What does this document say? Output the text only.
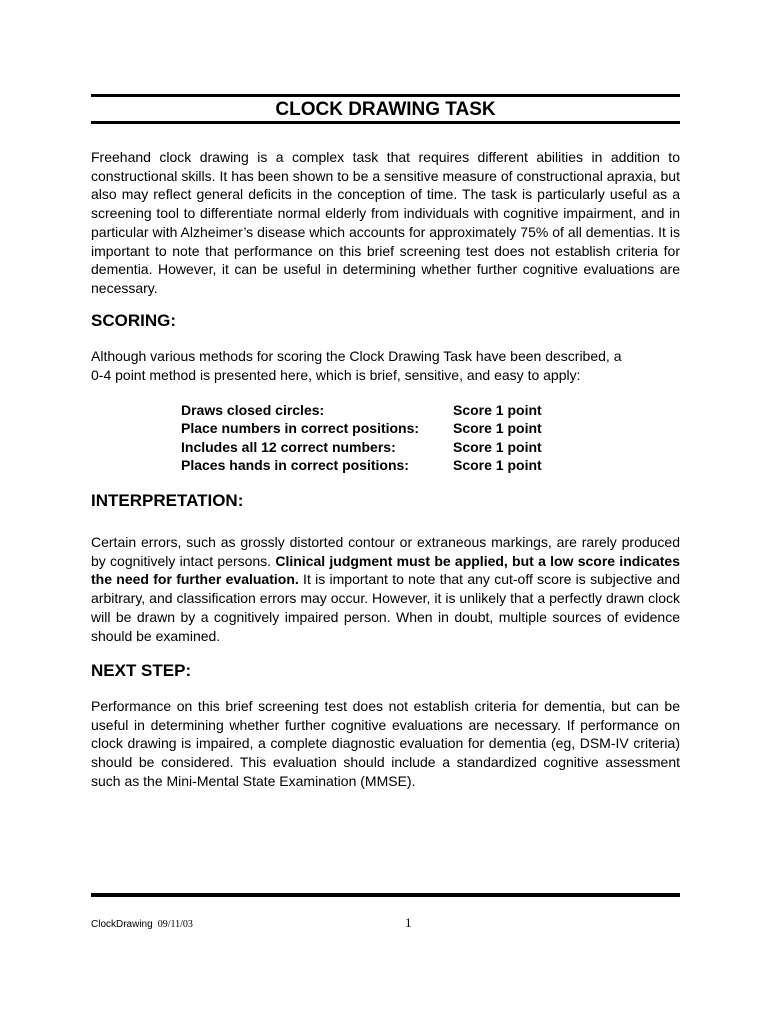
CLOCK DRAWING TASK

Freehand clock drawing is a complex task that requires different abilities in addition to constructional skills. It has been shown to be a sensitive measure of constructional apraxia, but also may reflect general deficits in the conception of time. The task is particularly useful as a screening tool to differentiate normal elderly from individuals with cognitive impairment, and in particular with Alzheimer’s disease which accounts for approximately 75% of all dementias. It is important to note that performance on this brief screening test does not establish criteria for dementia. However, it can be useful in determining whether further cognitive evaluations are necessary.

SCORING:

Although various methods for scoring the Clock Drawing Task have been described, a
0-4 point method is presented here, which is brief, sensitive, and easy to apply:

Draws closed circles:	Score 1 point
Place numbers in correct positions:	Score 1 point
Includes all 12 correct numbers:	Score 1 point
Places hands in correct positions:	Score 1 point
INTERPRETATION:

Certain errors, such as grossly distorted contour or extraneous markings, are rarely produced by cognitively intact persons. Clinical judgment must be applied, but a low score indicates the need for further evaluation. It is important to note that any cut-off score is subjective and arbitrary, and classification errors may occur. However, it is unlikely that a perfectly drawn clock will be drawn by a cognitively impaired person. When in doubt, multiple sources of evidence should be examined.

NEXT STEP:

Performance on this brief screening test does not establish criteria for dementia, but can be useful in determining whether further cognitive evaluations are necessary. If performance on clock drawing is impaired, a complete diagnostic evaluation for dementia (eg, DSM-IV criteria) should be considered. This evaluation should include a standardized cognitive assessment such as the Mini-Mental State Examination (MMSE).

ClockDrawing 09/11/03	1
